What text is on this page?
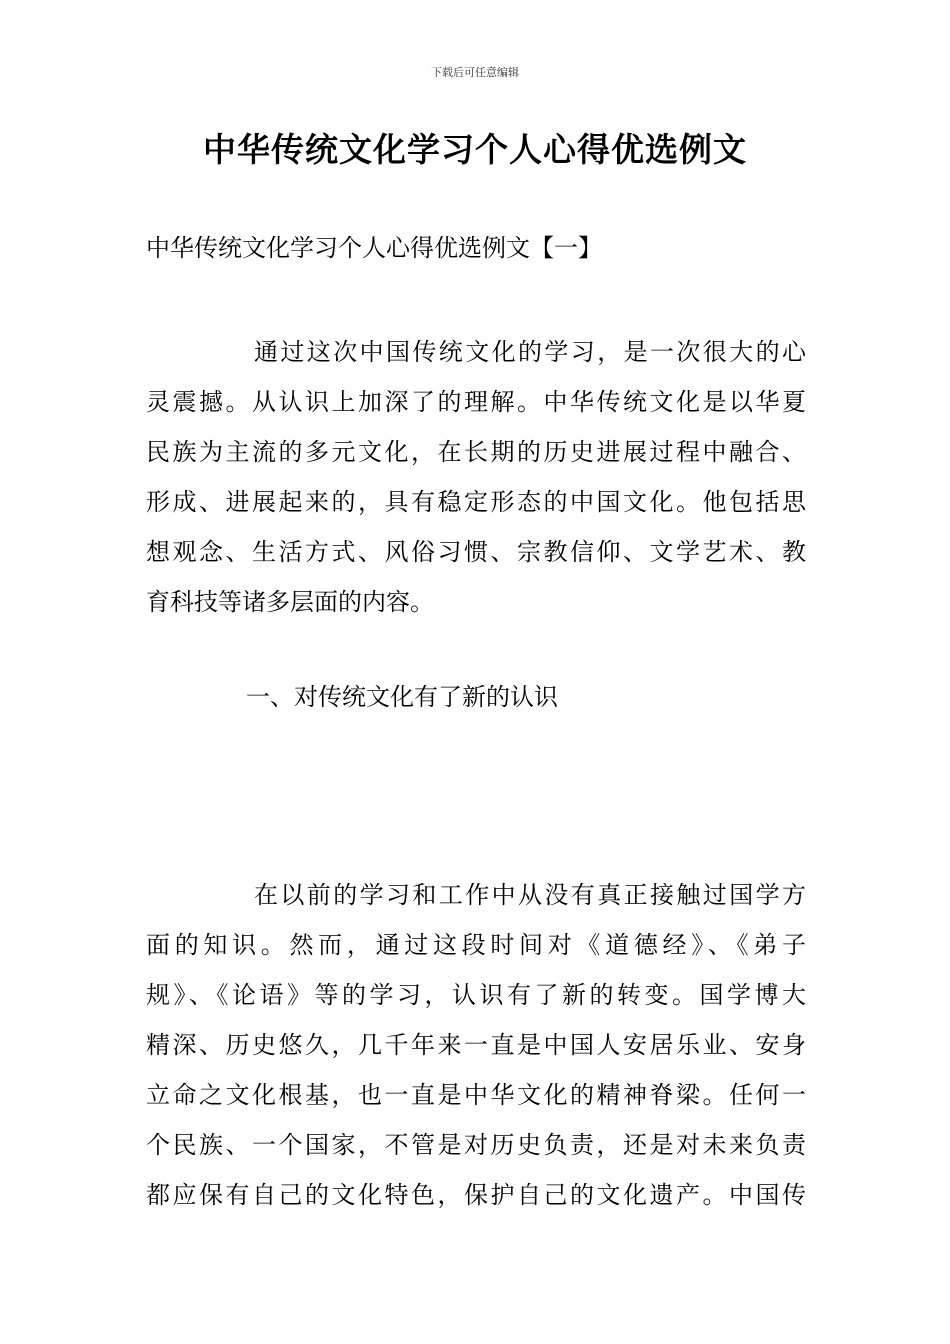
下载后可任意编辑
中华传统文化学习个人心得优选例文
中华传统文化学习个人心得优选例文【一】
通过这次中国传统文化的学习，是一次很大的心
灵震撼。从认识上加深了的理解。中华传统文化是以华夏
民族为主流的多元文化，在长期的历史进展过程中融合、
形成、进展起来的，具有稳定形态的中国文化。他包括思
想观念、生活方式、风俗习惯、宗教信仰、文学艺术、教
育科技等诸多层面的内容。
一、对传统文化有了新的认识
在以前的学习和工作中从没有真正接触过国学方
面的知识。然而，通过这段时间对《道德经》、《弟子
规》、《论语》等的学习，认识有了新的转变。国学博大
精深、历史悠久，几千年来一直是中国人安居乐业、安身
立命之文化根基，也一直是中华文化的精神脊梁。任何一
个民族、一个国家，不管是对历史负责，还是对未来负责
都应保有自己的文化特色，保护自己的文化遗产。中国传
